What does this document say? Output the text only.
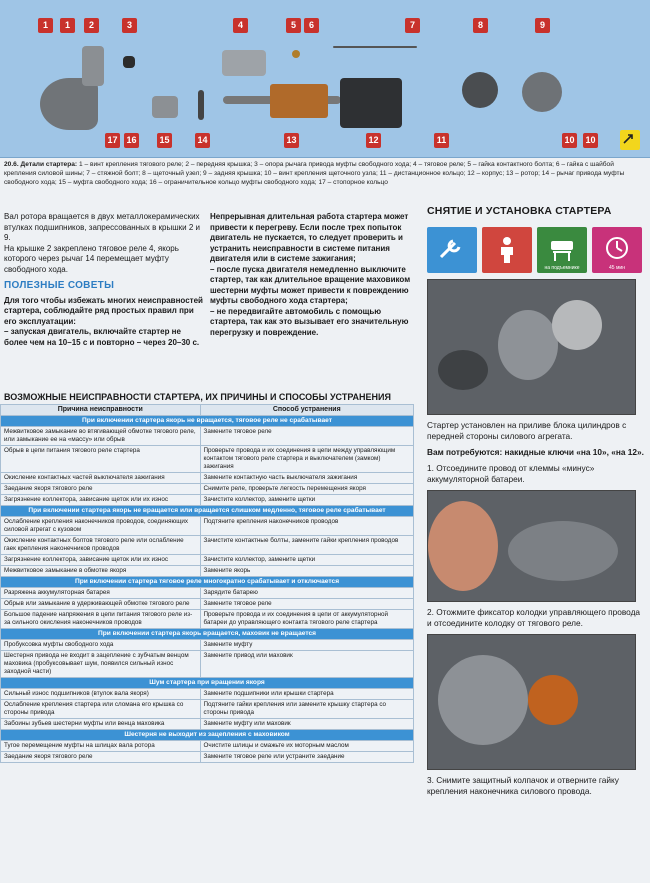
1	1	2	3	4	5	6	7	8	9
10 10
11
12
13
14
15
16
17
20.6. Детали стартера: 1 – винт крепления тягового реле; 2 – передняя крышка; 3 – опора рычага привода муфты свободного хода; 4 – тяговое реле; 5 – гайка контактного болта; 6 – гайка с шайбой крепления силовой шины; 7 – стяжной болт; 8 – щеточный узел; 9 – задняя крышка; 10 – винт крепления щеточного узла; 11 – дистанционное кольцо; 12 – корпус; 13 – ротор; 14 – рычаг привода муфты свободного хода; 15 – муфта свободного хода; 16 – ограничительное кольцо муфты свободного хода; 17 – стопорное кольцо
Вал ротора вращается в двух металлокерамических втулках подшипников, запрессованных в крышки 2 и 9.
На крышке 2 закреплено тяговое реле 4, якорь которого через рычаг 14 перемещает муфту свободного хода.
ПОЛЕЗНЫЕ СОВЕТЫ
Для того чтобы избежать многих неисправностей стартера, соблюдайте ряд простых правил при его эксплуатации:
– запуская двигатель, включайте стартер не более чем на 10–15 с и повторно – через 20–30 с.
Непрерывная длительная работа стартера может привести к перегреву. Если после трех попыток двигатель не пускается, то следует проверить и устранить неисправности в системе питания двигателя или в системе зажигания;
– после пуска двигателя немедленно выключите стартер, так как длительное вращение маховиком шестерни муфты может привести к повреждению муфты свободного хода стартера;
– не передвигайте автомобиль с помощью стартера, так как это вызывает его значительную перегрузку и повреждение.
СНЯТИЕ И УСТАНОВКА СТАРТЕРА
на подъемнике	45 мин
Стартер установлен на приливе блока цилиндров с передней стороны силового агрегата.
Вам потребуются: накидные ключи «на 10», «на 12».
1. Отсоедините провод от клеммы «минус» аккумуляторной батареи.
2. Отожмите фиксатор колодки управляющего провода и отсоедините колодку от тягового реле.
3. Снимите защитный колпачок и отверните гайку крепления наконечника силового провода.
ВОЗМОЖНЫЕ НЕИСПРАВНОСТИ СТАРТЕРА, ИХ ПРИЧИНЫ И СПОСОБЫ УСТРАНЕНИЯ
Причина неисправности	Способ устранения
При включении стартера якорь не вращается, тяговое реле не срабатывает	
Межвитковое замыкание во втягивающей обмотке тягового реле, или замыкание ее на «массу» или обрыв	Замените тяговое реле
Обрыв в цепи питания тягового реле стартера	Проверьте провода и их соединения в цепи между управляющим контактом тягового реле стартера и выключателем (замком) зажигания
Окисление контактных частей выключателя зажигания	Замените контактную часть выключателя зажигания
Заедание якоря тягового реле	Снимите реле, проверьте легкость перемещения якоря
Загрязнение коллектора, зависание щеток или их износ	Зачистите коллектор, замените щетки
При включении стартера якорь не вращается или вращается слишком медленно, тяговое реле срабатывает	
Ослабление крепления наконечников проводов, соединяющих силовой агрегат с кузовом	Подтяните крепления наконечников проводов
Окисление контактных болтов тягового реле или ослабление гаек крепления наконечников проводов	Зачистите контактные болты, замените гайки крепления проводов
Загрязнение коллектора, зависание щеток или их износ	Зачистите коллектор, замените щетки
Межвитковое замыкание в обмотке якоря	Замените якорь
При включении стартера тяговое реле многократно срабатывает и отключается	
Разряжена аккумуляторная батарея	Зарядите батарею
Обрыв или замыкание в удерживающей обмотке тягового реле	Замените тяговое реле
Большое падение напряжения в цепи питания тягового реле из-за сильного окисления наконечников проводов	Проверьте провода и их соединения в цепи от аккумуляторной батареи до управляющего контакта тягового реле стартера
При включении стартера якорь вращается, маховик не вращается	
Пробуксовка муфты свободного хода	Замените муфту
Шестерня привода не входит в зацепление с зубчатым венцом маховика (пробуксовывает шум, появился сильный износ заходной части)	Замените привод или маховик
Шум стартера при вращении якоря	
Сильный износ подшипников (втулок вала якоря)	Замените подшипники или крышки стартера
Ослабление крепления стартера или сломана его крышка со стороны привода	Подтяните гайки крепления или замените крышку стартера со стороны привода
Забоины зубьев шестерни муфты или венца маховика	Замените муфту или маховик
Шестерня не выходит из зацепления с маховиком	
Тугое перемещение муфты на шлицах вала ротора	Очистите шлицы и смажьте их моторным маслом
Заедание якоря тягового реле	Замените тяговое реле или устраните заедание
